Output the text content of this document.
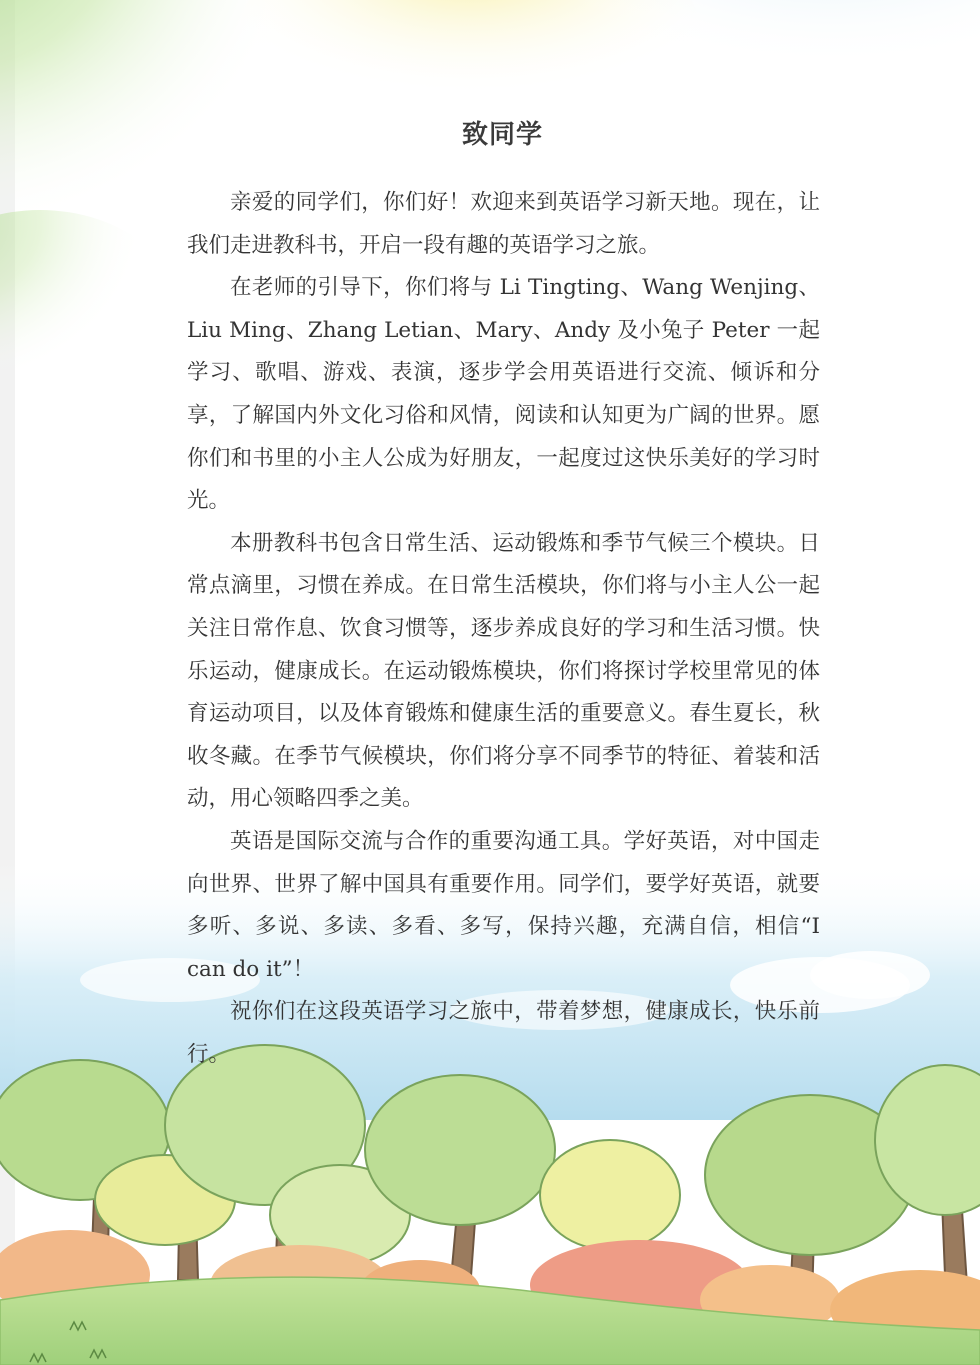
致同学

亲爱的同学们，你们好！欢迎来到英语学习新天地。现在，让我们走进教科书，开启一段有趣的英语学习之旅。

在老师的引导下，你们将与 Li Tingting、Wang Wenjing、Liu Ming、Zhang Letian、Mary、Andy 及小兔子 Peter 一起学习、歌唱、游戏、表演，逐步学会用英语进行交流、倾诉和分享，了解国内外文化习俗和风情，阅读和认知更为广阔的世界。愿你们和书里的小主人公成为好朋友，一起度过这快乐美好的学习时光。

本册教科书包含日常生活、运动锻炼和季节气候三个模块。日常点滴里，习惯在养成。在日常生活模块，你们将与小主人公一起关注日常作息、饮食习惯等，逐步养成良好的学习和生活习惯。快乐运动，健康成长。在运动锻炼模块，你们将探讨学校里常见的体育运动项目，以及体育锻炼和健康生活的重要意义。春生夏长，秋收冬藏。在季节气候模块，你们将分享不同季节的特征、着装和活动，用心领略四季之美。

英语是国际交流与合作的重要沟通工具。学好英语，对中国走向世界、世界了解中国具有重要作用。同学们，要学好英语，就要多听、多说、多读、多看、多写，保持兴趣，充满自信，相信“I can do it”！

祝你们在这段英语学习之旅中，带着梦想，健康成长，快乐前行。
